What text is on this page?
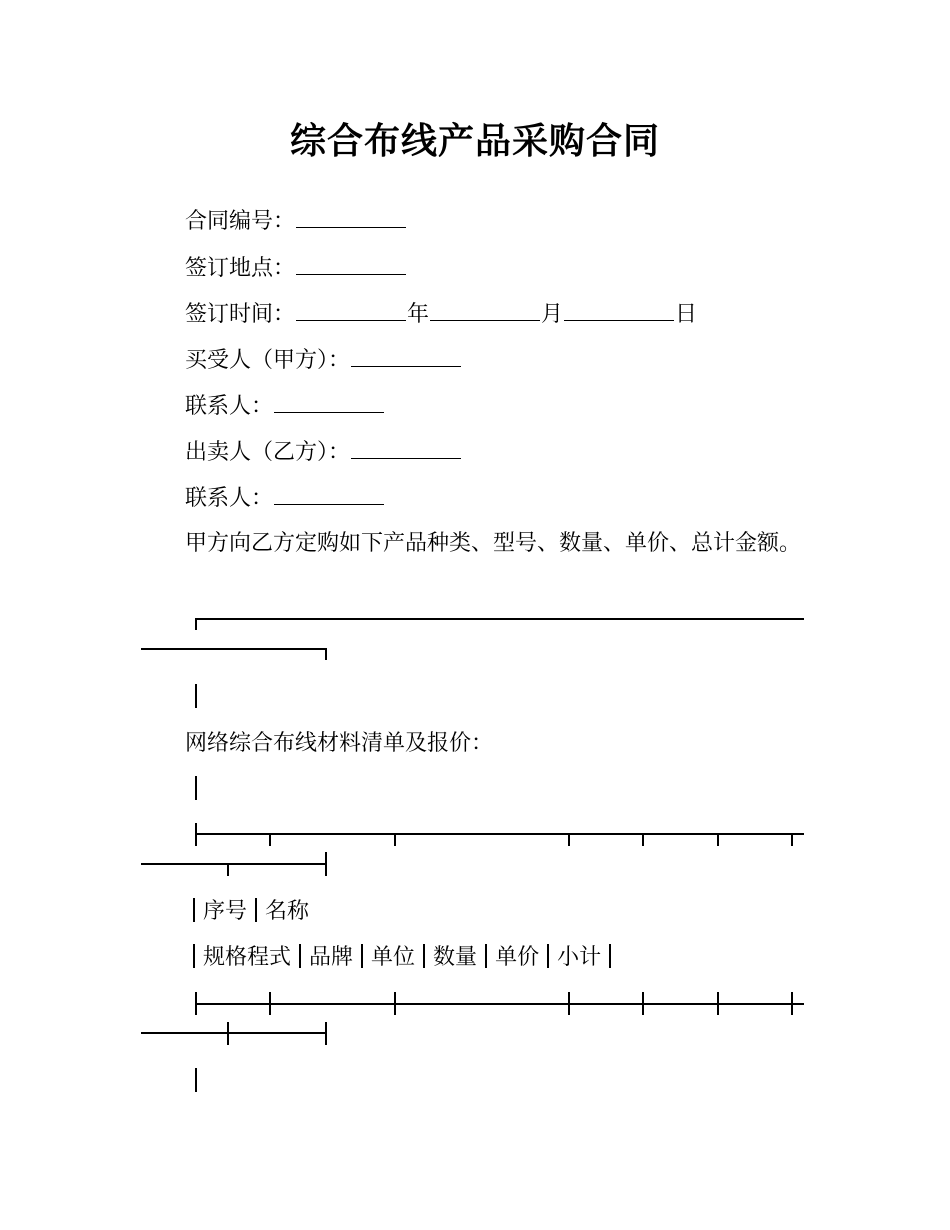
综合布线产品采购合同
合同编号：
签订地点：
签订时间：	年	月	日
买受人（甲方）：
联系人：
出卖人（乙方）：
联系人：
甲方向乙方定购如下产品种类、型号、数量、单价、总计金额。
网络综合布线材料清单及报价：
序号 名称
规格程式 品牌 单位 数量 单价 小计
